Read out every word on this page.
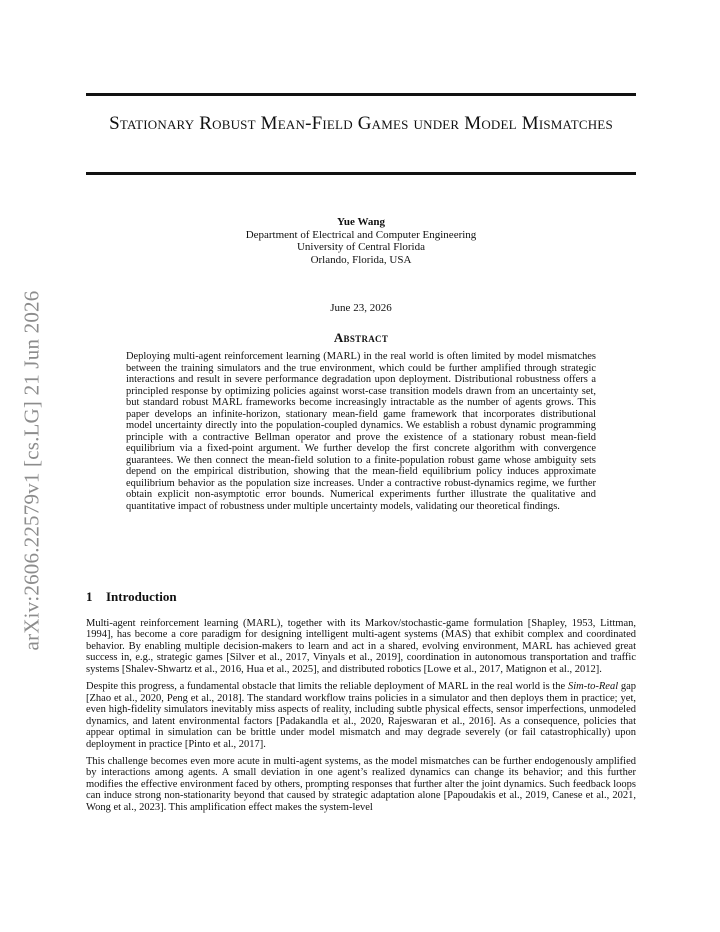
arXiv:2606.22579v1 [cs.LG] 21 Jun 2026
Stationary Robust Mean-Field Games under Model Mismatches
Yue Wang
Department of Electrical and Computer Engineering
University of Central Florida
Orlando, Florida, USA
June 23, 2026
Abstract
Deploying multi-agent reinforcement learning (MARL) in the real world is often limited by model mismatches between the training simulators and the true environment, which could be further amplified through strategic interactions and result in severe performance degradation upon deployment. Distributional robustness offers a principled response by optimizing policies against worst-case transition models drawn from an uncertainty set, but standard robust MARL frameworks become increasingly intractable as the number of agents grows. This paper develops an infinite-horizon, stationary mean-field game framework that incorporates distributional model uncertainty directly into the population-coupled dynamics. We establish a robust dynamic programming principle with a contractive Bellman operator and prove the existence of a stationary robust mean-field equilibrium via a fixed-point argument. We further develop the first concrete algorithm with convergence guarantees. We then connect the mean-field solution to a finite-population robust game whose ambiguity sets depend on the empirical distribution, showing that the mean-field equilibrium policy induces approximate equilibrium behavior as the population size increases. Under a contractive robust-dynamics regime, we further obtain explicit non-asymptotic error bounds. Numerical experiments further illustrate the qualitative and quantitative impact of robustness under multiple uncertainty models, validating our theoretical findings.
1 Introduction

Multi-agent reinforcement learning (MARL), together with its Markov/stochastic-game formulation [Shapley, 1953, Littman, 1994], has become a core paradigm for designing intelligent multi-agent systems (MAS) that exhibit complex and coordinated behavior. By enabling multiple decision-makers to learn and act in a shared, evolving environment, MARL has achieved great success in, e.g., strategic games [Silver et al., 2017, Vinyals et al., 2019], coordination in autonomous transportation and traffic systems [Shalev-Shwartz et al., 2016, Hua et al., 2025], and distributed robotics [Lowe et al., 2017, Matignon et al., 2012].

Despite this progress, a fundamental obstacle that limits the reliable deployment of MARL in the real world is the Sim-to-Real gap [Zhao et al., 2020, Peng et al., 2018]. The standard workflow trains policies in a simulator and then deploys them in practice; yet, even high-fidelity simulators inevitably miss aspects of reality, including subtle physical effects, sensor imperfections, unmodeled dynamics, and latent environmental factors [Padakandla et al., 2020, Rajeswaran et al., 2016]. As a consequence, policies that appear optimal in simulation can be brittle under model mismatch and may degrade severely (or fail catastrophically) upon deployment in practice [Pinto et al., 2017].

This challenge becomes even more acute in multi-agent systems, as the model mismatches can be further endogenously amplified by interactions among agents. A small deviation in one agent’s realized dynamics can change its behavior; and this further modifies the effective environment faced by others, prompting responses that further alter the joint dynamics. Such feedback loops can induce strong non-stationarity beyond that caused by strategic adaptation alone [Papoudakis et al., 2019, Canese et al., 2021, Wong et al., 2023]. This amplification effect makes the system-level
